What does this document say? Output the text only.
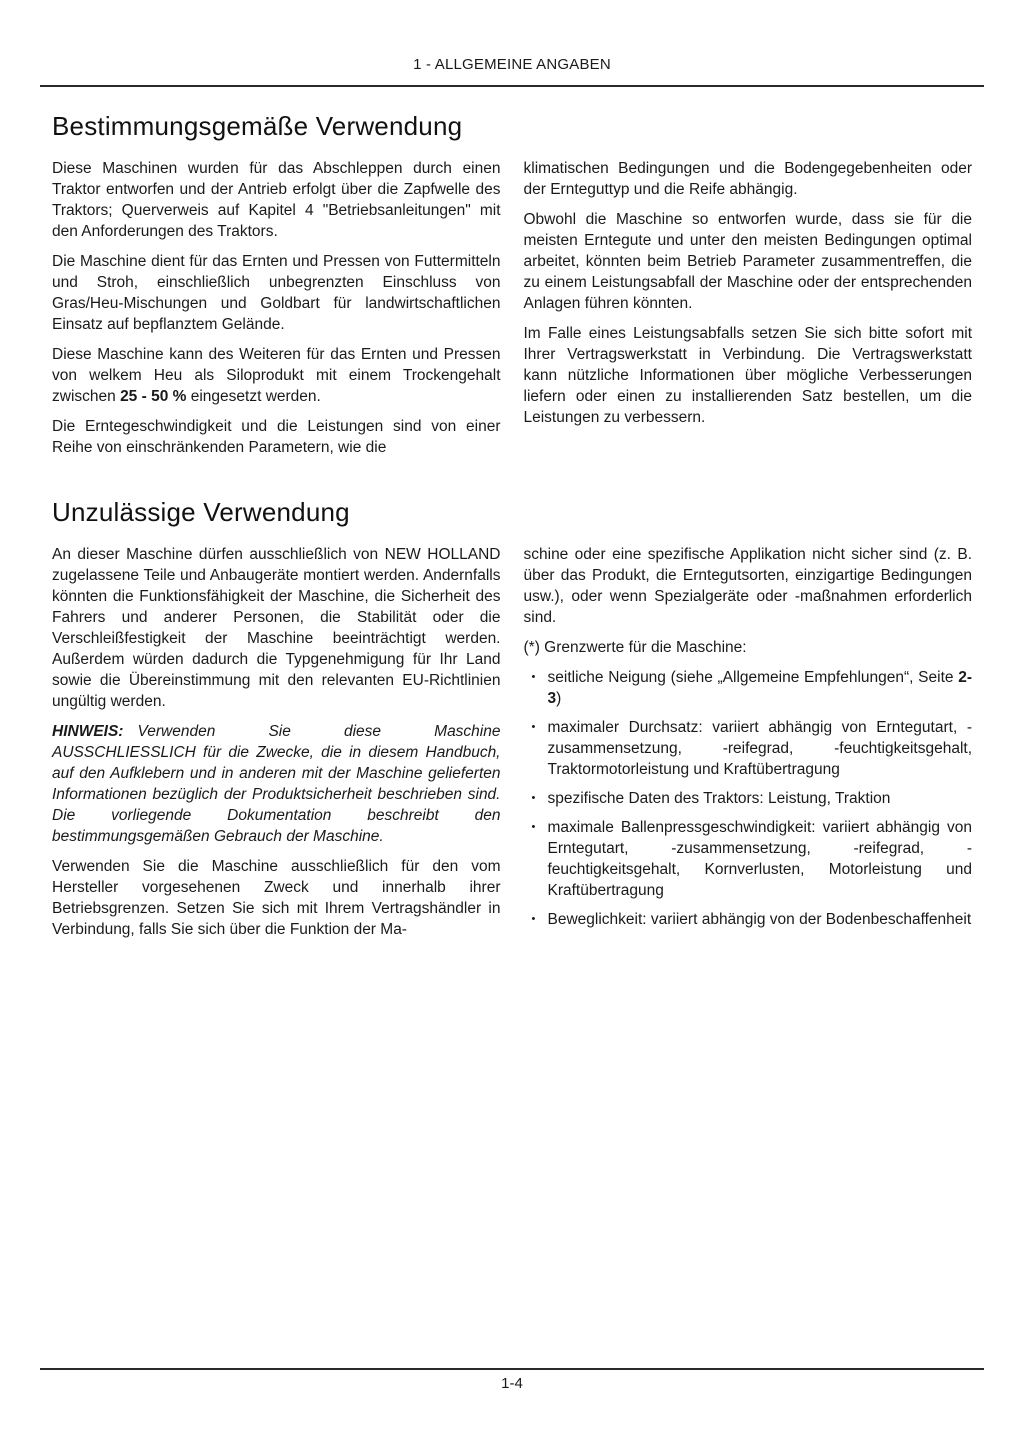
1 - ALLGEMEINE ANGABEN
Bestimmungsgemäße Verwendung

Diese Maschinen wurden für das Abschleppen durch einen Traktor entworfen und der Antrieb erfolgt über die Zapfwelle des Traktors; Querverweis auf Kapitel 4 "Betriebsanleitungen" mit den Anforderungen des Traktors.

Die Maschine dient für das Ernten und Pressen von Futtermitteln und Stroh, einschließlich unbegrenzten Einschluss von Gras/Heu-Mischungen und Goldbart für landwirtschaftlichen Einsatz auf bepflanztem Gelände.

Diese Maschine kann des Weiteren für das Ernten und Pressen von welkem Heu als Siloprodukt mit einem Trockengehalt zwischen 25 - 50 % eingesetzt werden.

Die Erntegeschwindigkeit und die Leistungen sind von einer Reihe von einschränkenden Parametern, wie die

klimatischen Bedingungen und die Bodengegebenheiten oder der Ernteguttyp und die Reife abhängig.

Obwohl die Maschine so entworfen wurde, dass sie für die meisten Erntegute und unter den meisten Bedingungen optimal arbeitet, könnten beim Betrieb Parameter zusammentreffen, die zu einem Leistungsabfall der Maschine oder der entsprechenden Anlagen führen könnten.

Im Falle eines Leistungsabfalls setzen Sie sich bitte sofort mit Ihrer Vertragswerkstatt in Verbindung. Die Vertragswerkstatt kann nützliche Informationen über mögliche Verbesserungen liefern oder einen zu installierenden Satz bestellen, um die Leistungen zu verbessern.

Unzulässige Verwendung

An dieser Maschine dürfen ausschließlich von NEW HOLLAND zugelassene Teile und Anbaugeräte montiert werden. Andernfalls könnten die Funktionsfähigkeit der Maschine, die Sicherheit des Fahrers und anderer Personen, die Stabilität oder die Verschleißfestigkeit der Maschine beeinträchtigt werden. Außerdem würden dadurch die Typgenehmigung für Ihr Land sowie die Übereinstimmung mit den relevanten EU-Richtlinien ungültig werden.

HINWEIS: Verwenden Sie diese Maschine AUSSCHLIESSLICH für die Zwecke, die in diesem Handbuch, auf den Aufklebern und in anderen mit der Maschine gelieferten Informationen bezüglich der Produktsicherheit beschrieben sind. Die vorliegende Dokumentation beschreibt den bestimmungsgemäßen Gebrauch der Maschine.

Verwenden Sie die Maschine ausschließlich für den vom Hersteller vorgesehenen Zweck und innerhalb ihrer Betriebsgrenzen. Setzen Sie sich mit Ihrem Vertragshändler in Verbindung, falls Sie sich über die Funktion der Ma-

schine oder eine spezifische Applikation nicht sicher sind (z. B. über das Produkt, die Erntegutsorten, einzigartige Bedingungen usw.), oder wenn Spezialgeräte oder -maßnahmen erforderlich sind.

(*) Grenzwerte für die Maschine:

• seitliche Neigung (siehe „Allgemeine Empfehlungen“, Seite 2-3)
• maximaler Durchsatz: variiert abhängig von Erntegutart, -zusammensetzung, -reifegrad, -feuchtigkeitsgehalt, Traktormotorleistung und Kraftübertragung
• spezifische Daten des Traktors: Leistung, Traktion
• maximale Ballenpressgeschwindigkeit: variiert abhängig von Erntegutart, -zusammensetzung, -reifegrad, -feuchtigkeitsgehalt, Kornverlusten, Motorleistung und Kraftübertragung
• Beweglichkeit: variiert abhängig von der Bodenbeschaffenheit
1-4
